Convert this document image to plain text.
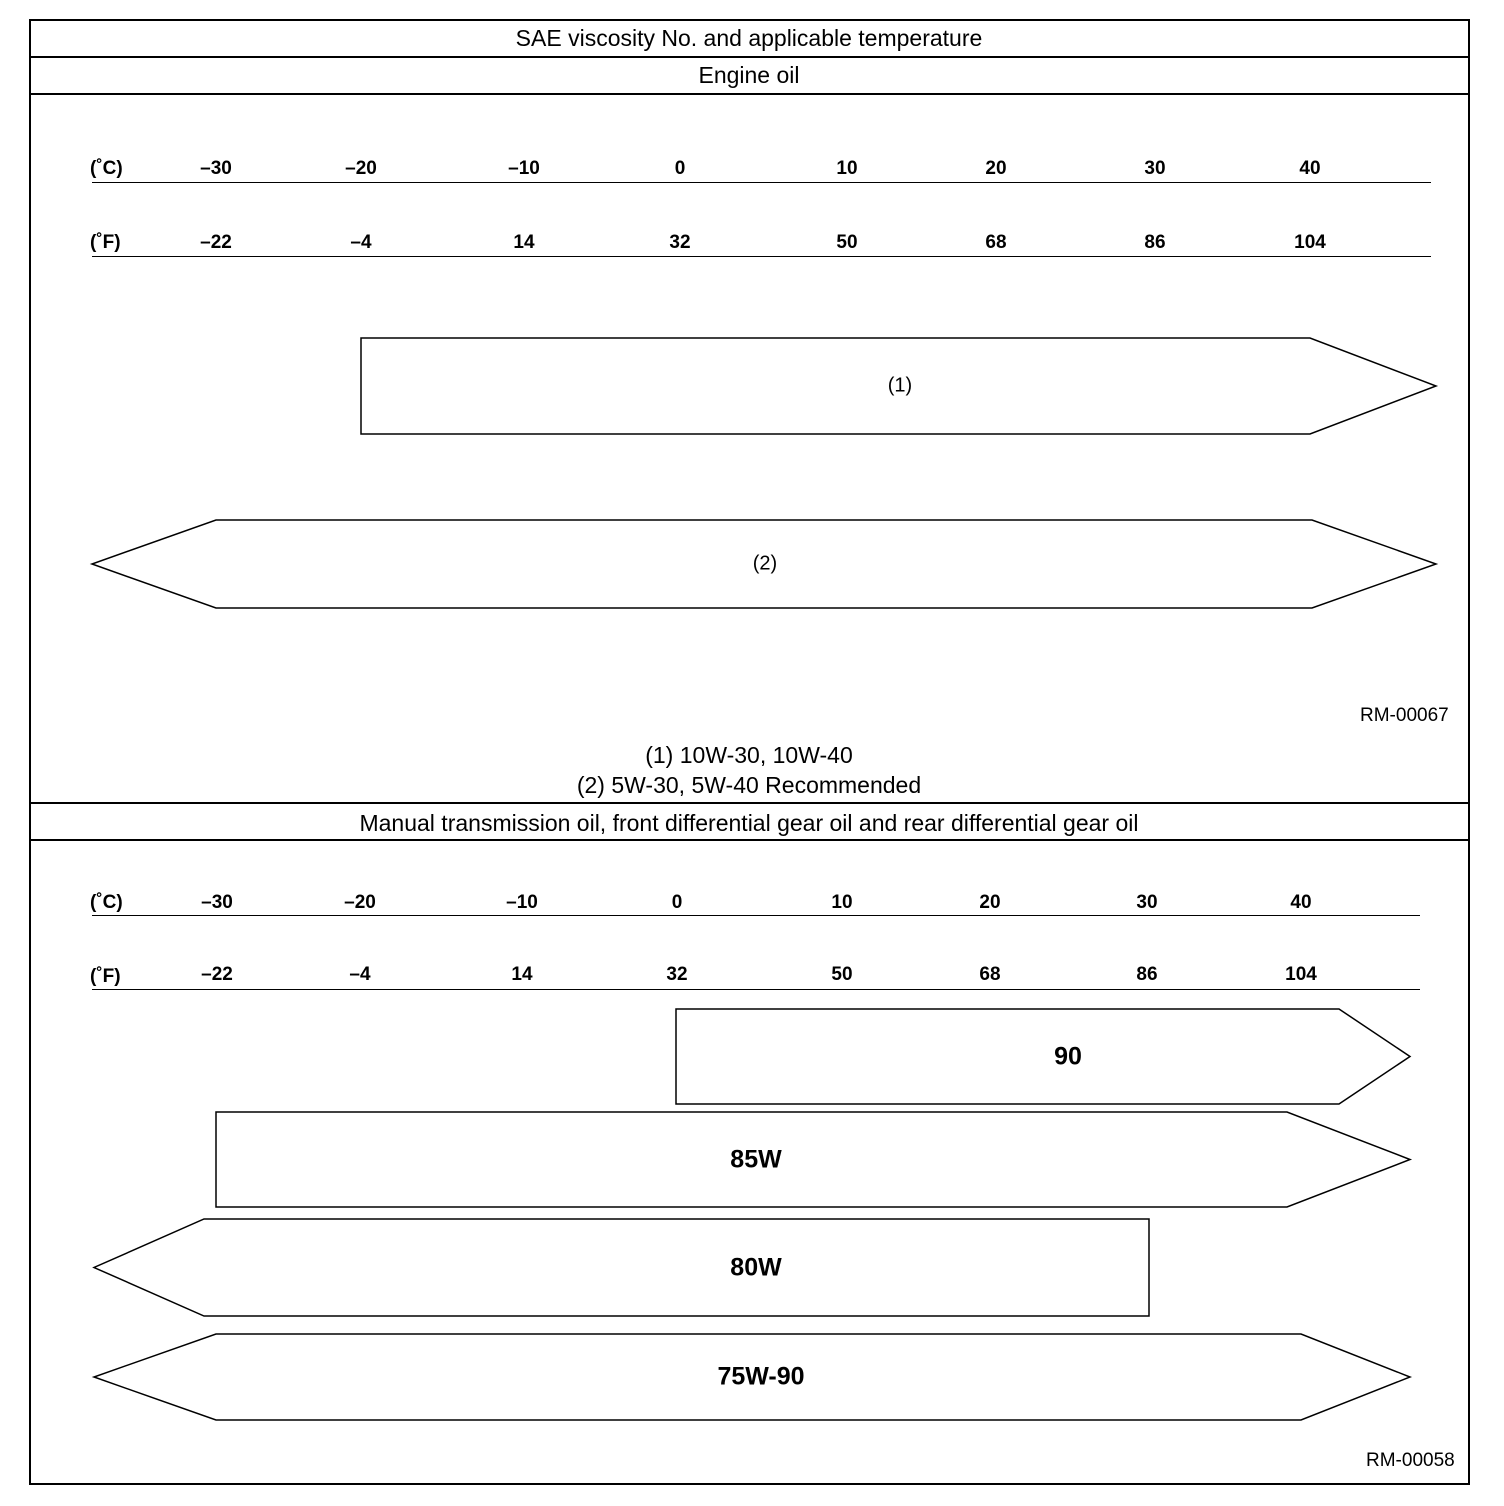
SAE viscosity No. and applicable temperature
Engine oil
(˚C)	–30	–20	–10	0	10	20	30	40
(˚F)	–22	–4	14	32	50	68	86	104
(1)
(2)
RM-00067
(1) 10W-30, 10W-40
(2) 5W-30, 5W-40 Recommended
Manual transmission oil, front differential gear oil and rear differential gear oil
(˚C)	–30	–20	–10	0	10	20	30	40
(˚F)	–22	–4	14	32	50	68	86	104
90
85W
80W
75W-90
RM-00058
